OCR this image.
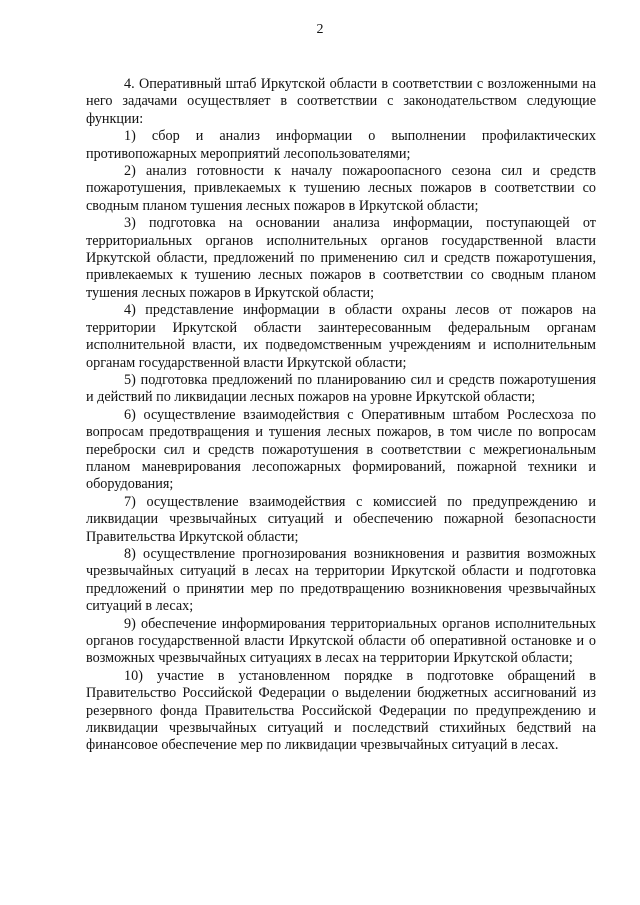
2

4. Оперативный штаб Иркутской области в соответствии с возложенными на него задачами осуществляет в соответствии с законодательством следующие функции:

1) сбор и анализ информации о выполнении профилактических противопожарных мероприятий лесопользователями;

2) анализ готовности к началу пожароопасного сезона сил и средств пожаротушения, привлекаемых к тушению лесных пожаров в соответствии со сводным планом тушения лесных пожаров в Иркутской области;

3) подготовка на основании анализа информации, поступающей от территориальных органов исполнительных органов государственной власти Иркутской области, предложений по применению сил и средств пожаротушения, привлекаемых к тушению лесных пожаров в соответствии со сводным планом тушения лесных пожаров в Иркутской области;

4) представление информации в области охраны лесов от пожаров на территории Иркутской области заинтересованным федеральным органам исполнительной власти, их подведомственным учреждениям и исполнительным органам государственной власти Иркутской области;

5) подготовка предложений по планированию сил и средств пожаротушения и действий по ликвидации лесных пожаров на уровне Иркутской области;

6) осуществление взаимодействия с Оперативным штабом Рослесхоза по вопросам предотвращения и тушения лесных пожаров, в том числе по вопросам переброски сил и средств пожаротушения в соответствии с межрегиональным планом маневрирования лесопожарных формирований, пожарной техники и оборудования;

7) осуществление взаимодействия с комиссией по предупреждению и ликвидации чрезвычайных ситуаций и обеспечению пожарной безопасности Правительства Иркутской области;

8) осуществление прогнозирования возникновения и развития возможных чрезвычайных ситуаций в лесах на территории Иркутской области и подготовка предложений о принятии мер по предотвращению возникновения чрезвычайных ситуаций в лесах;

9) обеспечение информирования территориальных органов исполнительных органов государственной власти Иркутской области об оперативной остановке и о возможных чрезвычайных ситуациях в лесах на территории Иркутской области;

10) участие в установленном порядке в подготовке обращений в Правительство Российской Федерации о выделении бюджетных ассигнований из резервного фонда Правительства Российской Федерации по предупреждению и ликвидации чрезвычайных ситуаций и последствий стихийных бедствий на финансовое обеспечение мер по ликвидации чрезвычайных ситуаций в лесах.
